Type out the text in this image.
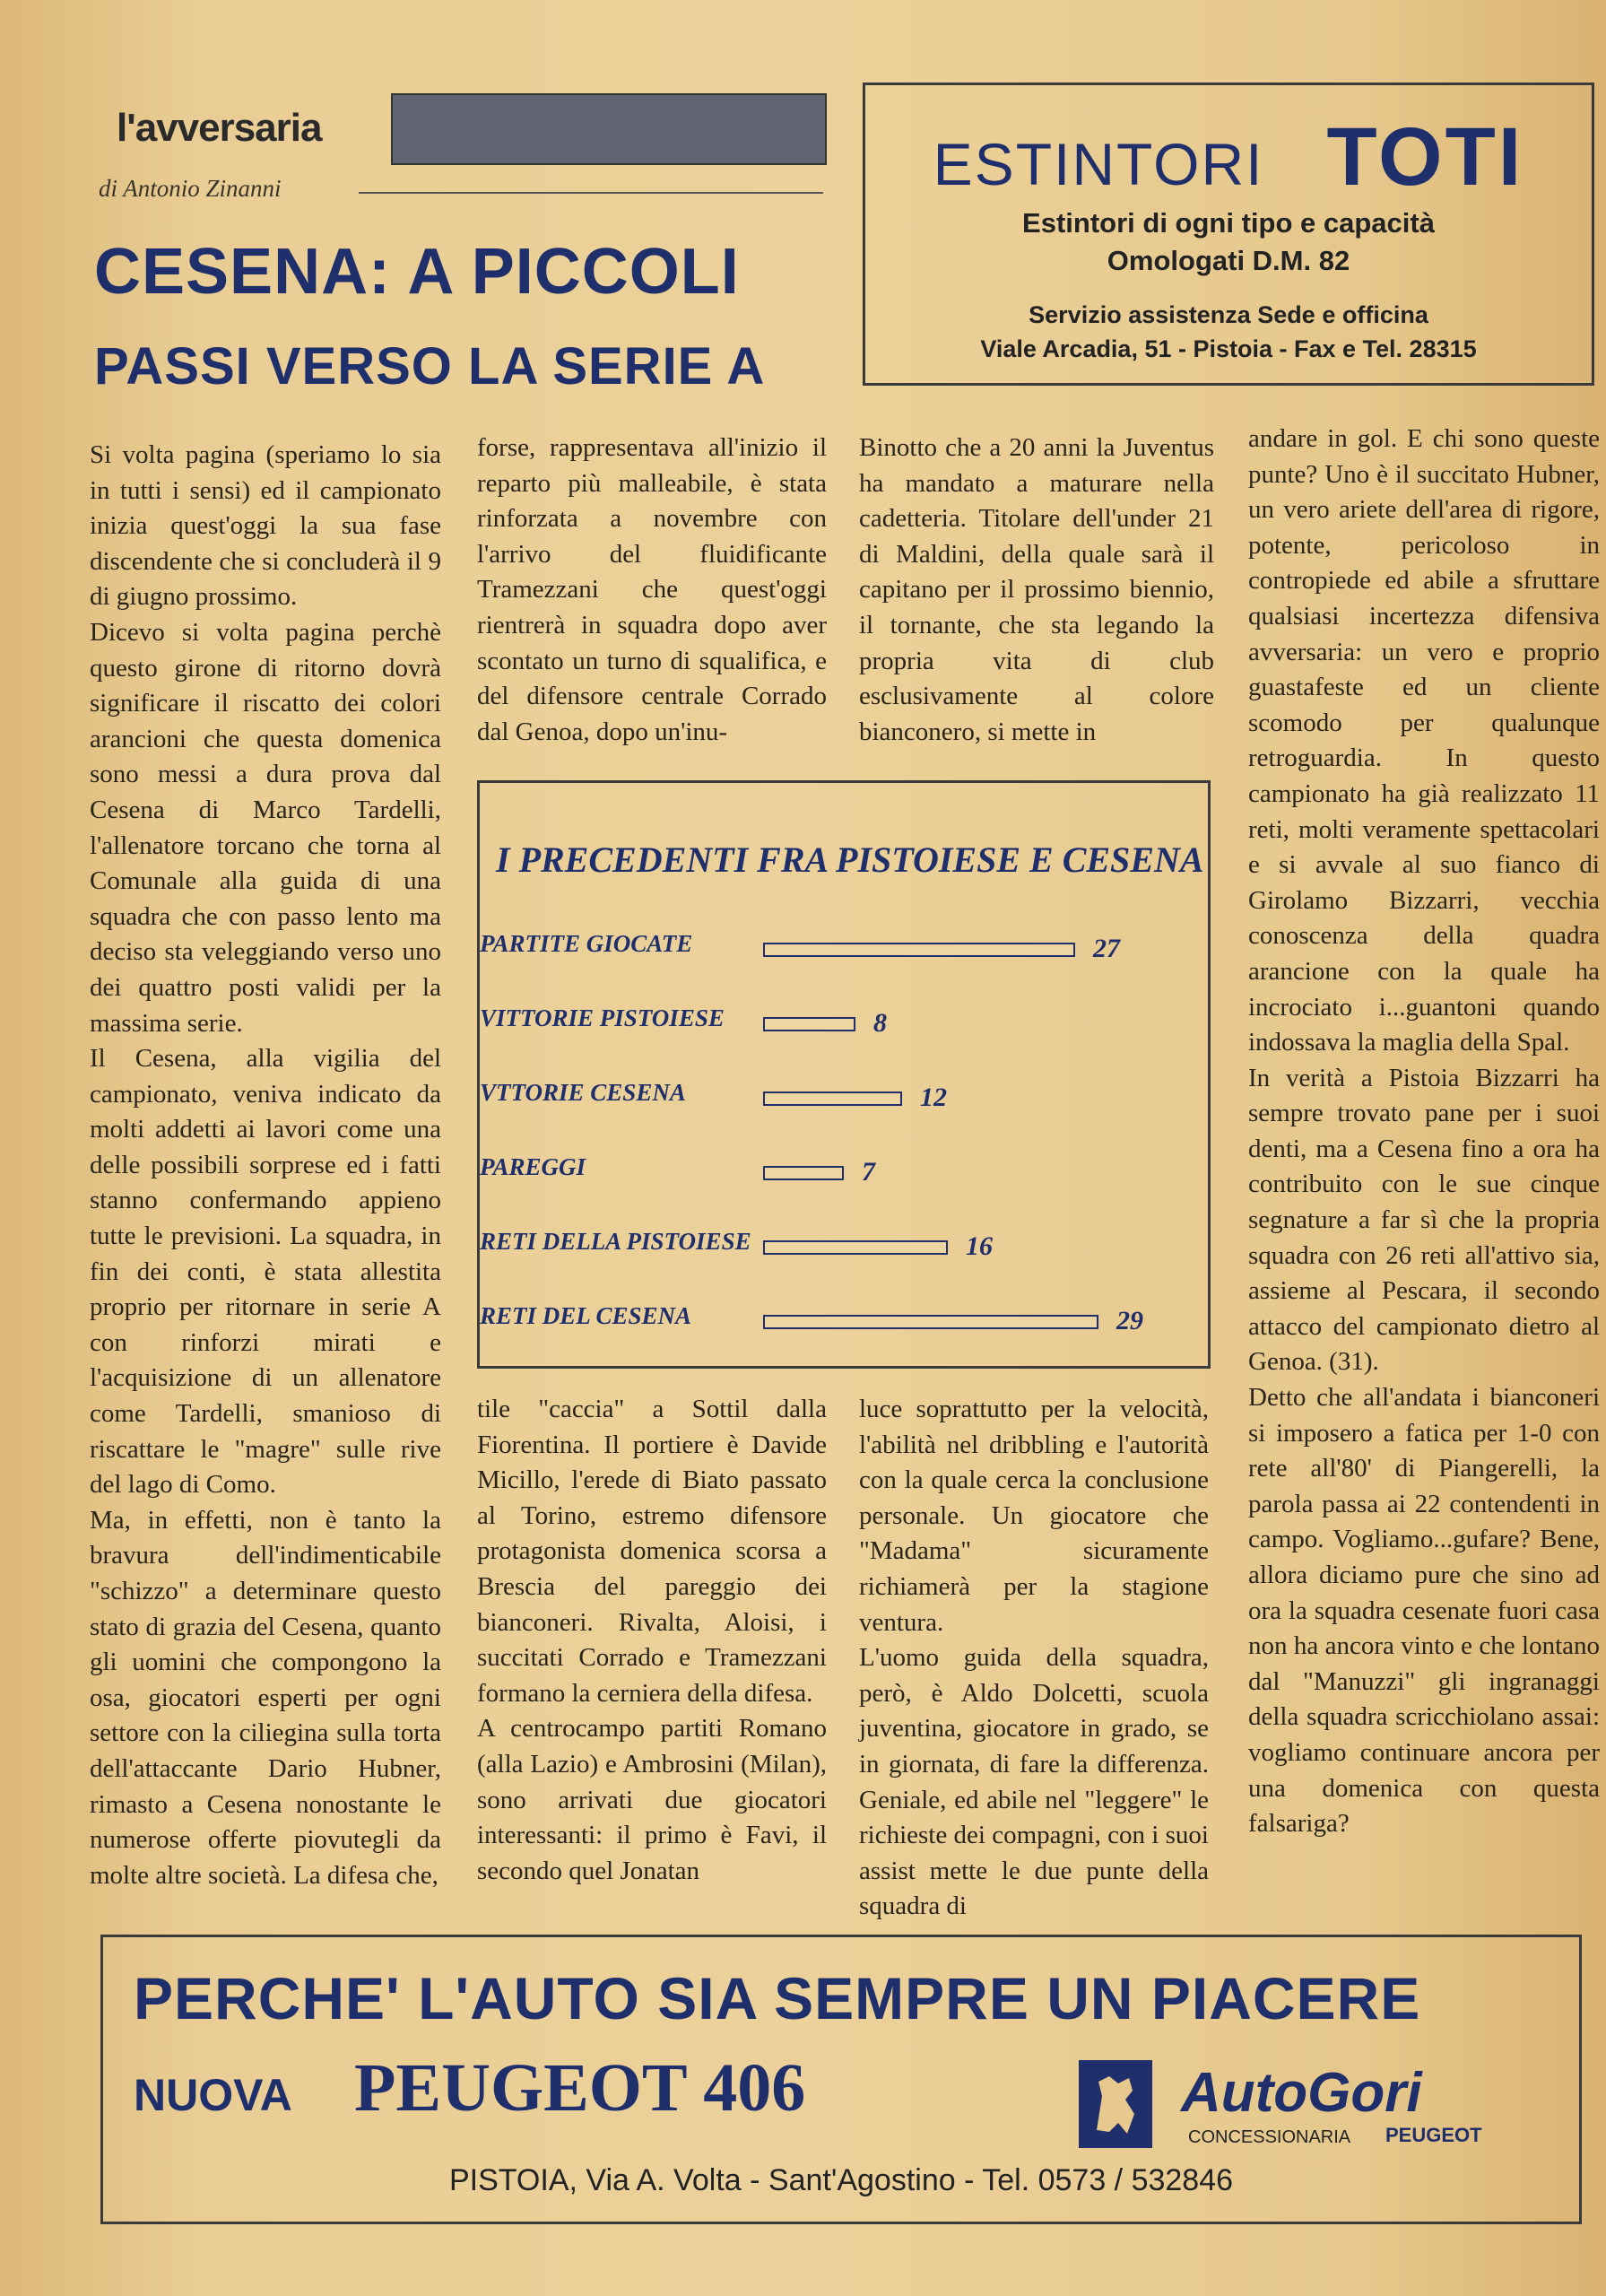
l'avversaria
di Antonio Zinanni
CESENA: A PICCOLI
PASSI VERSO LA SERIE A
ESTINTORI TOTI
Estintori di ogni tipo e capacità
Omologati D.M. 82
Servizio assistenza Sede e officina
Viale Arcadia, 51 - Pistoia - Fax e Tel. 28315

Si volta pagina (speriamo lo sia in tutti i sensi) ed il campionato inizia quest'oggi la sua fase discendente che si concluderà il 9 di giugno prossimo.

Dicevo si volta pagina perchè questo girone di ritorno dovrà significare il riscatto dei colori arancioni che questa domenica sono messi a dura prova dal Cesena di Marco Tardelli, l'allenatore torcano che torna al Comunale alla guida di una squadra che con passo lento ma deciso sta veleggiando verso uno dei quattro posti validi per la massima serie.

Il Cesena, alla vigilia del campionato, veniva indicato da molti addetti ai lavori come una delle possibili sorprese ed i fatti stanno confermando appieno tutte le previsioni. La squadra, in fin dei conti, è stata allestita proprio per ritornare in serie A con rinforzi mirati e l'acquisizione di un allenatore come Tardelli, smanioso di riscattare le "magre" sulle rive del lago di Como.

Ma, in effetti, non è tanto la bravura dell'indimenticabile "schizzo" a determinare questo stato di grazia del Cesena, quanto gli uomini che compongono la osa, giocatori esperti per ogni settore con la ciliegina sulla torta dell'attaccante Dario Hubner, rimasto a Cesena nonostante le numerose offerte piovutegli da molte altre società. La difesa che,

forse, rappresentava all'inizio il reparto più malleabile, è stata rinforzata a novembre con l'arrivo del fluidificante Tramezzani che quest'oggi rientrerà in squadra dopo aver scontato un turno di squalifica, e del difensore centrale Corrado dal Genoa, dopo un'inu-

Binotto che a 20 anni la Juventus ha mandato a maturare nella cadetteria. Titolare dell'under 21 di Maldini, della quale sarà il capitano per il prossimo biennio, il tornante, che sta legando la propria vita di club esclusivamente al colore bianconero, si mette in

tile "caccia" a Sottil dalla Fiorentina. Il portiere è Davide Micillo, l'erede di Biato passato al Torino, estremo difensore protagonista domenica scorsa a Brescia del pareggio dei bianconeri. Rivalta, Aloisi, i succitati Corrado e Tramezzani formano la cerniera della difesa.

A centrocampo partiti Romano (alla Lazio) e Ambrosini (Milan), sono arrivati due giocatori interessanti: il primo è Favi, il secondo quel Jonatan

luce soprattutto per la velocità, l'abilità nel dribbling e l'autorità con la quale cerca la conclusione personale. Un giocatore che "Madama" sicuramente richiamerà per la stagione ventura.

L'uomo guida della squadra, però, è Aldo Dolcetti, scuola juventina, giocatore in grado, se in giornata, di fare la differenza. Geniale, ed abile nel "leggere" le richieste dei compagni, con i suoi assist mette le due punte della squadra di

andare in gol. E chi sono queste punte? Uno è il succitato Hubner, un vero ariete dell'area di rigore, potente, pericoloso in contropiede ed abile a sfruttare qualsiasi incertezza difensiva avversaria: un vero e proprio guastafeste ed un cliente scomodo per qualunque retroguardia. In questo campionato ha già realizzato 11 reti, molti veramente spettacolari e si avvale al suo fianco di Girolamo Bizzarri, vecchia conoscenza della quadra arancione con la quale ha incrociato i...guantoni quando indossava la maglia della Spal.

In verità a Pistoia Bizzarri ha sempre trovato pane per i suoi denti, ma a Cesena fino a ora ha contribuito con le sue cinque segnature a far sì che la propria squadra con 26 reti all'attivo sia, assieme al Pescara, il secondo attacco del campionato dietro al Genoa. (31).

Detto che all'andata i bianconeri si imposero a fatica per 1-0 con rete all'80' di Piangerelli, la parola passa ai 22 contendenti in campo. Vogliamo...gufare? Bene, allora diciamo pure che sino ad ora la squadra cesenate fuori casa non ha ancora vinto e che lontano dal "Manuzzi" gli ingranaggi della squadra scricchiolano assai: vogliamo continuare ancora per una domenica con questa falsariga?

I PRECEDENTI FRA PISTOIESE E CESENA
PARTITE GIOCATE	27
VITTORIE PISTOIESE	8
VTTORIE CESENA	12
PAREGGI	7
RETI DELLA PISTOIESE	16
RETI DEL CESENA	29
PERCHE' L'AUTO SIA SEMPRE UN PIACERE
NUOVA PEUGEOT 406	AutoGori
CONCESSIONARIA PEUGEOT
PISTOIA, Via A. Volta - Sant'Agostino - Tel. 0573 / 532846
